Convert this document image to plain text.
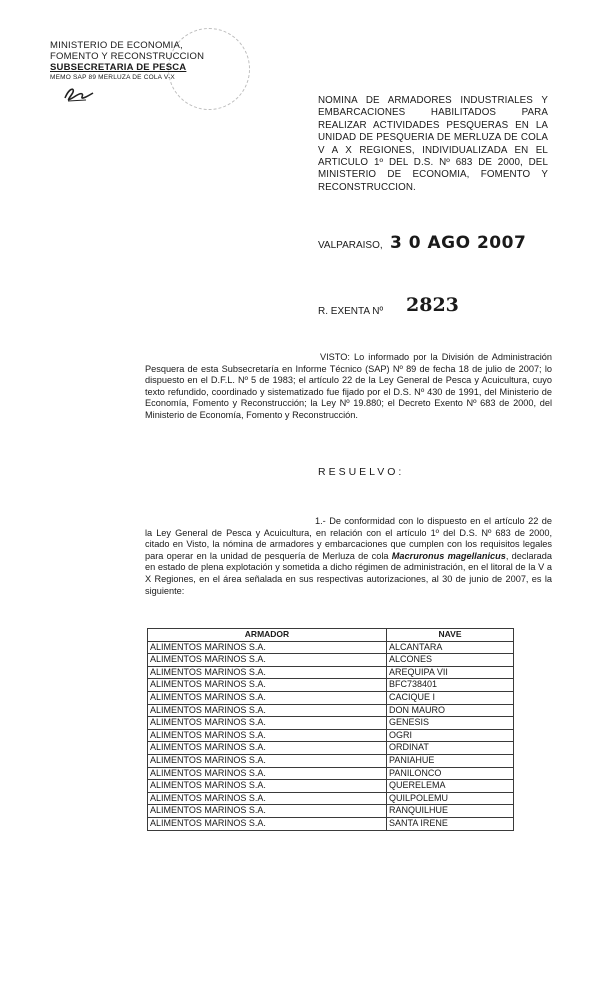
MINISTERIO DE ECONOMIA,
FOMENTO Y RECONSTRUCCION
SUBSECRETARIA DE PESCA
MEMO SAP 89 MERLUZA DE COLA V-X
NOMINA DE ARMADORES INDUSTRIALES Y EMBARCACIONES HABILITADOS PARA REALIZAR ACTIVIDADES PESQUERAS EN LA UNIDAD DE PESQUERIA DE MERLUZA DE COLA V A X REGIONES, INDIVIDUALIZADA EN EL ARTICULO 1º DEL D.S. Nº 683 DE 2000, DEL MINISTERIO DE ECONOMIA, FOMENTO Y RECONSTRUCCION.
VALPARAISO, 3 0 AGO 2007
R. EXENTA Nº 2823
VISTO: Lo informado por la División de Administración Pesquera de esta Subsecretaría en Informe Técnico (SAP) Nº 89 de fecha 18 de julio de 2007; lo dispuesto en el D.F.L. Nº 5 de 1983; el artículo 22 de la Ley General de Pesca y Acuicultura, cuyo texto refundido, coordinado y sistematizado fue fijado por el D.S. Nº 430 de 1991, del Ministerio de Economía, Fomento y Reconstrucción; la Ley Nº 19.880; el Decreto Exento Nº 683 de 2000, del Ministerio de Economía, Fomento y Reconstrucción.
RESUELVO:
1.- De conformidad con lo dispuesto en el artículo 22 de la Ley General de Pesca y Acuicultura, en relación con el artículo 1º del D.S. Nº 683 de 2000, citado en Visto, la nómina de armadores y embarcaciones que cumplen con los requisitos legales para operar en la unidad de pesquería de Merluza de cola Macruronus magellanicus, declarada en estado de plena explotación y sometida a dicho régimen de administración, en el litoral de la V a X Regiones, en el área señalada en sus respectivas autorizaciones, al 30 de junio de 2007, es la siguiente:
ARMADOR	NAVE
ALIMENTOS MARINOS S.A.	ALCANTARA
ALIMENTOS MARINOS S.A.	ALCONES
ALIMENTOS MARINOS S.A.	AREQUIPA VII
ALIMENTOS MARINOS S.A.	BFC738401
ALIMENTOS MARINOS S.A.	CACIQUE I
ALIMENTOS MARINOS S.A.	DON MAURO
ALIMENTOS MARINOS S.A.	GENESIS
ALIMENTOS MARINOS S.A.	OGRI
ALIMENTOS MARINOS S.A.	ORDINAT
ALIMENTOS MARINOS S.A.	PANIAHUE
ALIMENTOS MARINOS S.A.	PANILONCO
ALIMENTOS MARINOS S.A.	QUERELEMA
ALIMENTOS MARINOS S.A.	QUILPOLEMU
ALIMENTOS MARINOS S.A.	RANQUILHUE
ALIMENTOS MARINOS S.A.	SANTA IRENE
